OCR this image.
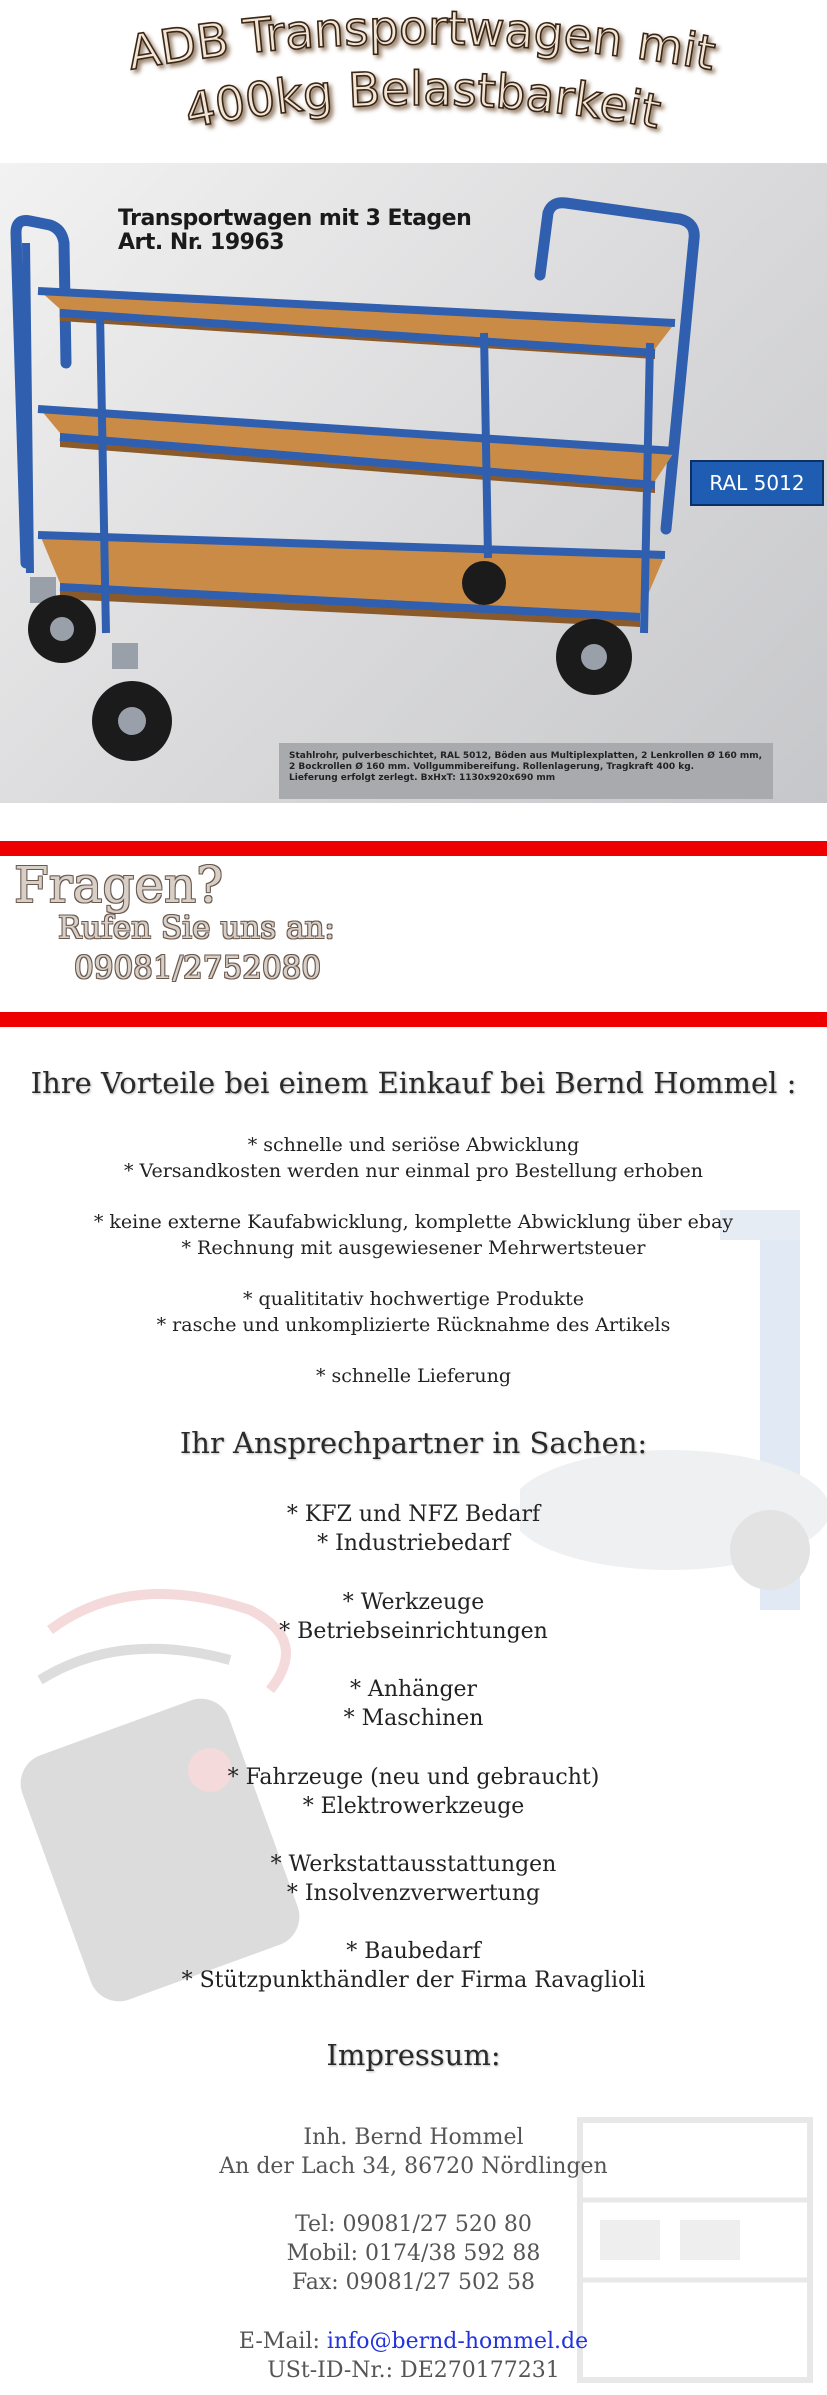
ADB Transportwagen mit
400kg Belastbarkeit
Transportwagen mit 3 Etagen
Art. Nr. 19963
RAL 5012
Stahlrohr, pulverbeschichtet, RAL 5012, Böden aus Multiplexplatten, 2 Lenkrollen Ø 160 mm,
2 Bockrollen Ø 160 mm. Vollgummibereifung. Rollenlagerung, Tragkraft 400 kg.
Lieferung erfolgt zerlegt. BxHxT: 1130x920x690 mm
Fragen?
Rufen Sie uns an:
09081/2752080
Ihre Vorteile bei einem Einkauf bei Bernd Hommel :
* schnelle und seriöse Abwicklung
* Versandkosten werden nur einmal pro Bestellung erhoben
* keine externe Kaufabwicklung, komplette Abwicklung über ebay
* Rechnung mit ausgewiesener Mehrwertsteuer
* qualititativ hochwertige Produkte
* rasche und unkomplizierte Rücknahme des Artikels
* schnelle Lieferung
Ihr Ansprechpartner in Sachen:
* KFZ und NFZ Bedarf
* Industriebedarf
* Werkzeuge
* Betriebseinrichtungen
* Anhänger
* Maschinen
* Fahrzeuge (neu und gebraucht)
* Elektrowerkzeuge
* Werkstattausstattungen
* Insolvenzverwertung
* Baubedarf
* Stützpunkthändler der Firma Ravaglioli
Impressum:
Inh. Bernd Hommel
An der Lach 34, 86720 Nördlingen
Tel: 09081/27 520 80
Mobil: 0174/38 592 88
Fax: 09081/27 502 58
E-Mail: info@bernd-hommel.de
USt-ID-Nr.: DE270177231
